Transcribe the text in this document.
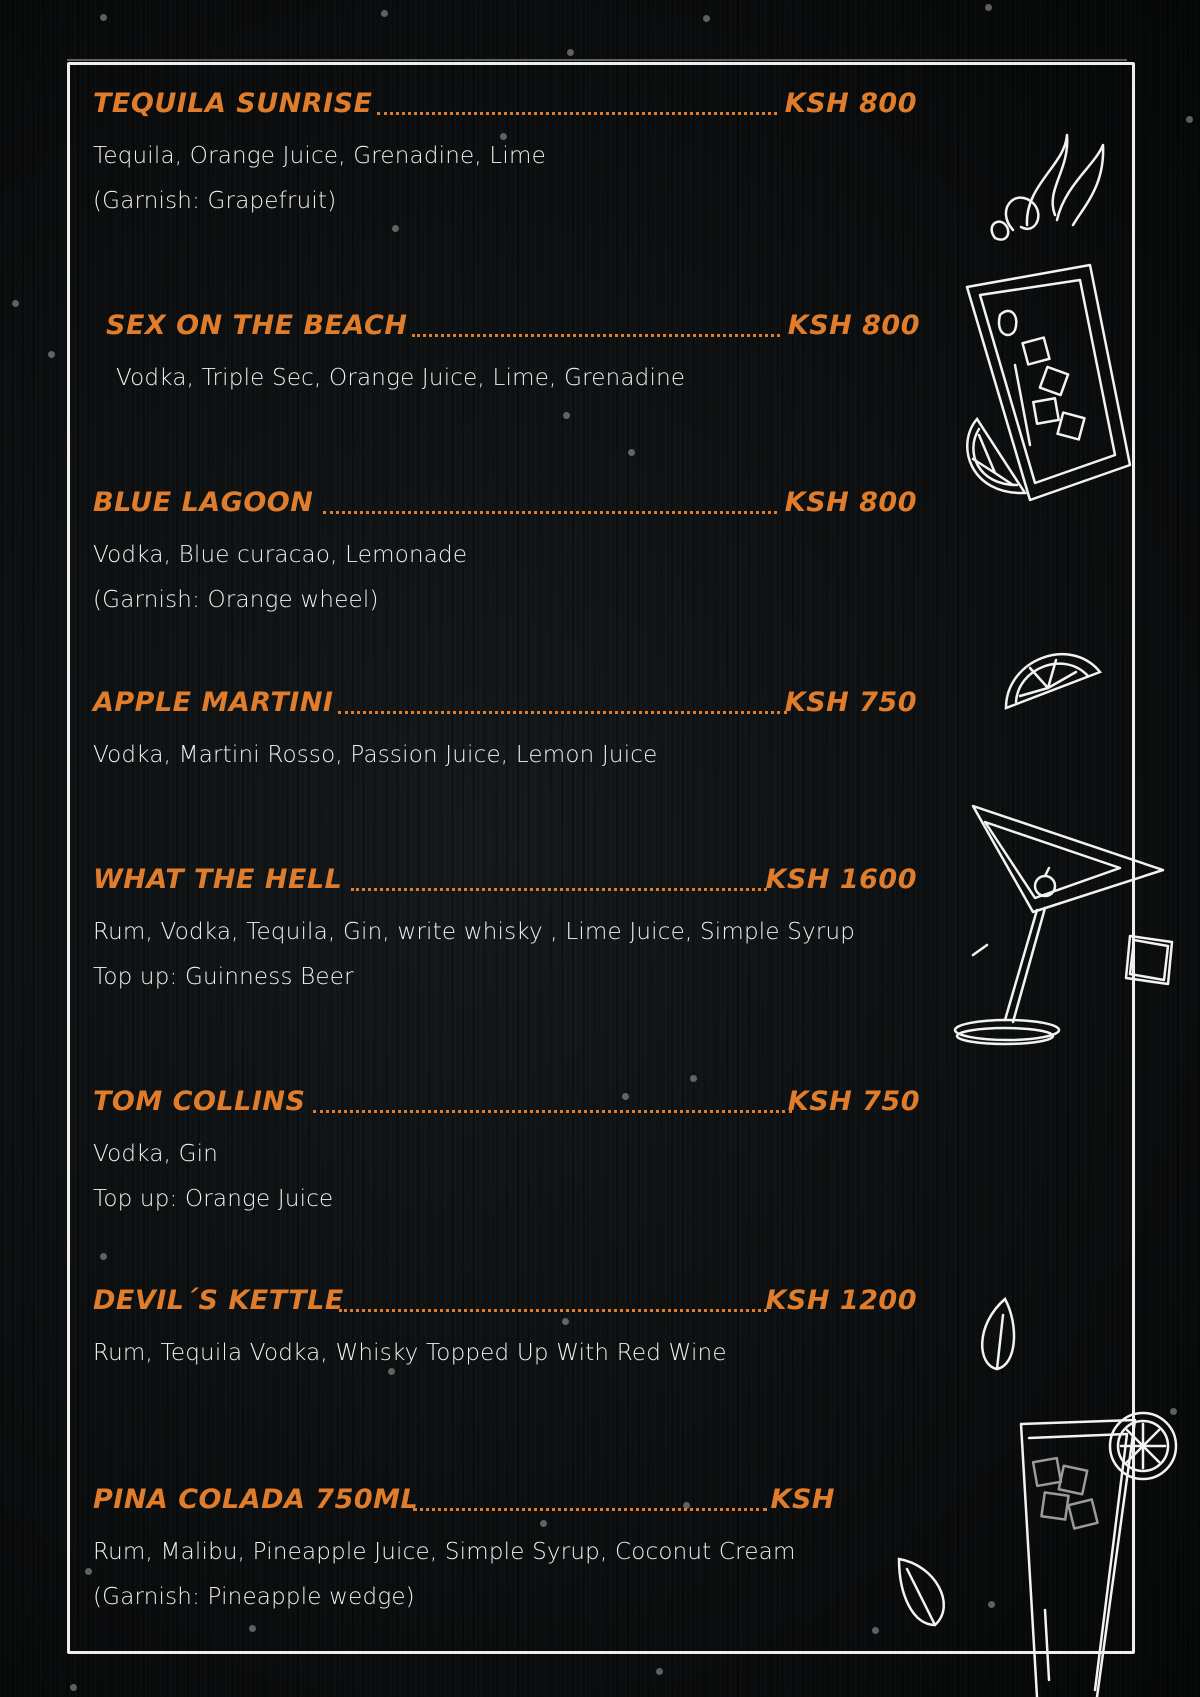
TEQUILA SUNRISE	KSH 800
Tequila, Orange Juice, Grenadine, Lime
(Garnish: Grapefruit)
SEX ON THE BEACH	KSH 800
Vodka, Triple Sec, Orange Juice, Lime, Grenadine
BLUE LAGOON	KSH 800
Vodka, Blue curacao, Lemonade
(Garnish: Orange wheel)
APPLE MARTINI	KSH 750
Vodka, Martini Rosso, Passion Juice, Lemon Juice
WHAT THE HELL	KSH 1600
Rum, Vodka, Tequila, Gin, write whisky , Lime Juice, Simple Syrup
Top up: Guinness Beer
TOM COLLINS	KSH 750
Vodka, Gin
Top up: Orange Juice
DEVIL´S KETTLE	KSH 1200
Rum, Tequila Vodka, Whisky Topped Up With Red Wine
PINA COLADA 750ML	KSH
Rum, Malibu, Pineapple Juice, Simple Syrup, Coconut Cream
(Garnish: Pineapple wedge)
